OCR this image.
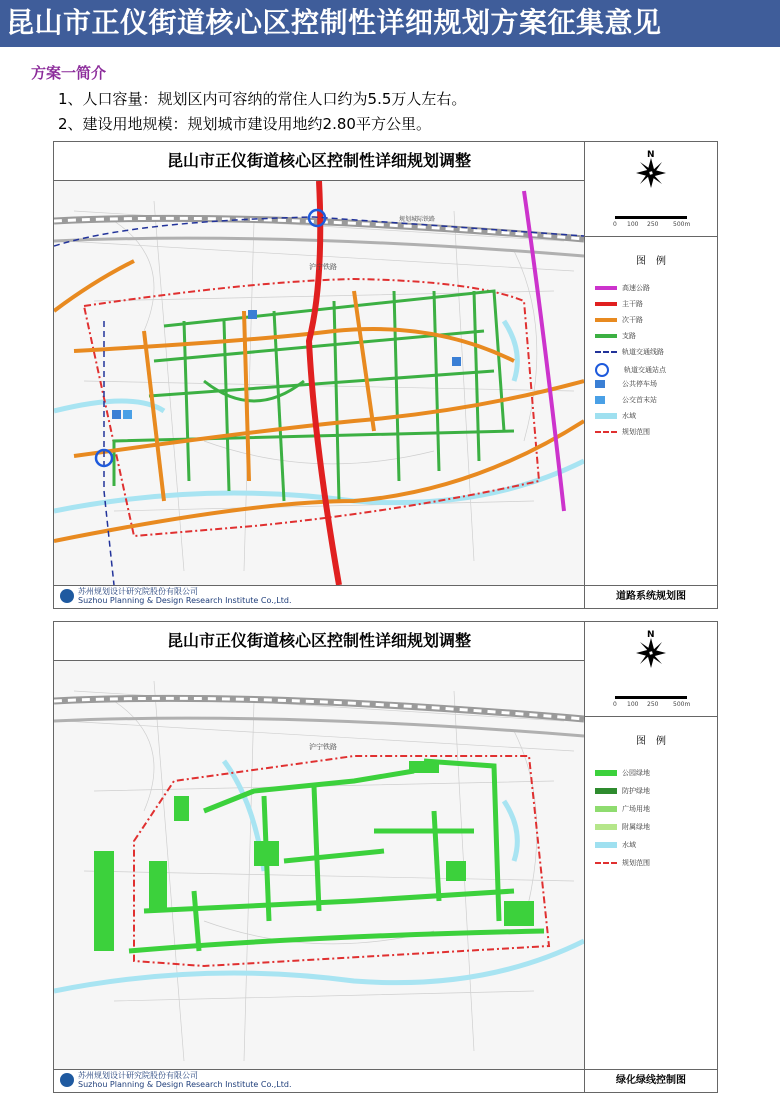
昆山市正仪街道核心区控制性详细规划方案征集意见
方案一简介
1、人口容量：规划区内可容纳的常住人口约为5.5万人左右。
2、建设用地规模：规划城市建设用地约2.80平方公里。
昆山市正仪街道核心区控制性详细规划调整
沪宁铁路
规划城际铁路
N
0 100 250 500m
图　例
高速公路
主干路
次干路
支路
轨道交通线路
轨道交通站点
公共停车场
公交首末站
水域
规划范围
苏州规划设计研究院股份有限公司
Suzhou Planning & Design Research Institute Co.,Ltd.	道路系统规划图
昆山市正仪街道核心区控制性详细规划调整
沪宁铁路
N
0 100 250 500m
图　例
公园绿地
防护绿地
广场用地
附属绿地
水域
规划范围
苏州规划设计研究院股份有限公司
Suzhou Planning & Design Research Institute Co.,Ltd.	绿化绿线控制图
